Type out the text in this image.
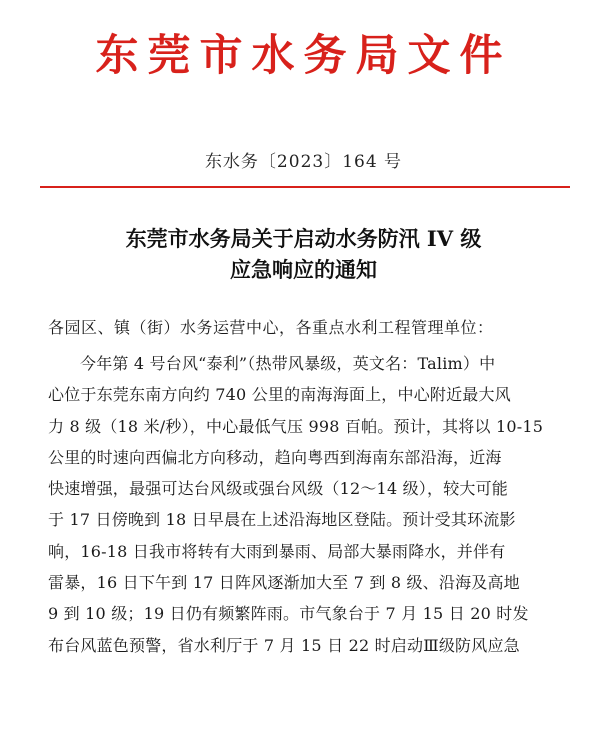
东莞市水务局文件
东水务〔2023〕164 号
东莞市水务局关于启动水务防汛 IV 级
应急响应的通知
各园区、镇（街）水务运营中心，各重点水利工程管理单位：
今年第 4 号台风“泰利”（热带风暴级，英文名：Talim）中
心位于东莞东南方向约 740 公里的南海海面上，中心附近最大风
力 8 级（18 米/秒），中心最低气压 998 百帕。预计，其将以 10-15
公里的时速向西偏北方向移动，趋向粤西到海南东部沿海，近海
快速增强，最强可达台风级或强台风级（12～14 级），较大可能
于 17 日傍晚到 18 日早晨在上述沿海地区登陆。预计受其环流影
响，16-18 日我市将转有大雨到暴雨、局部大暴雨降水，并伴有
雷暴，16 日下午到 17 日阵风逐渐加大至 7 到 8 级、沿海及高地
9 到 10 级；19 日仍有频繁阵雨。市气象台于 7 月 15 日 20 时发
布台风蓝色预警，省水利厅于 7 月 15 日 22 时启动Ⅲ级防风应急
